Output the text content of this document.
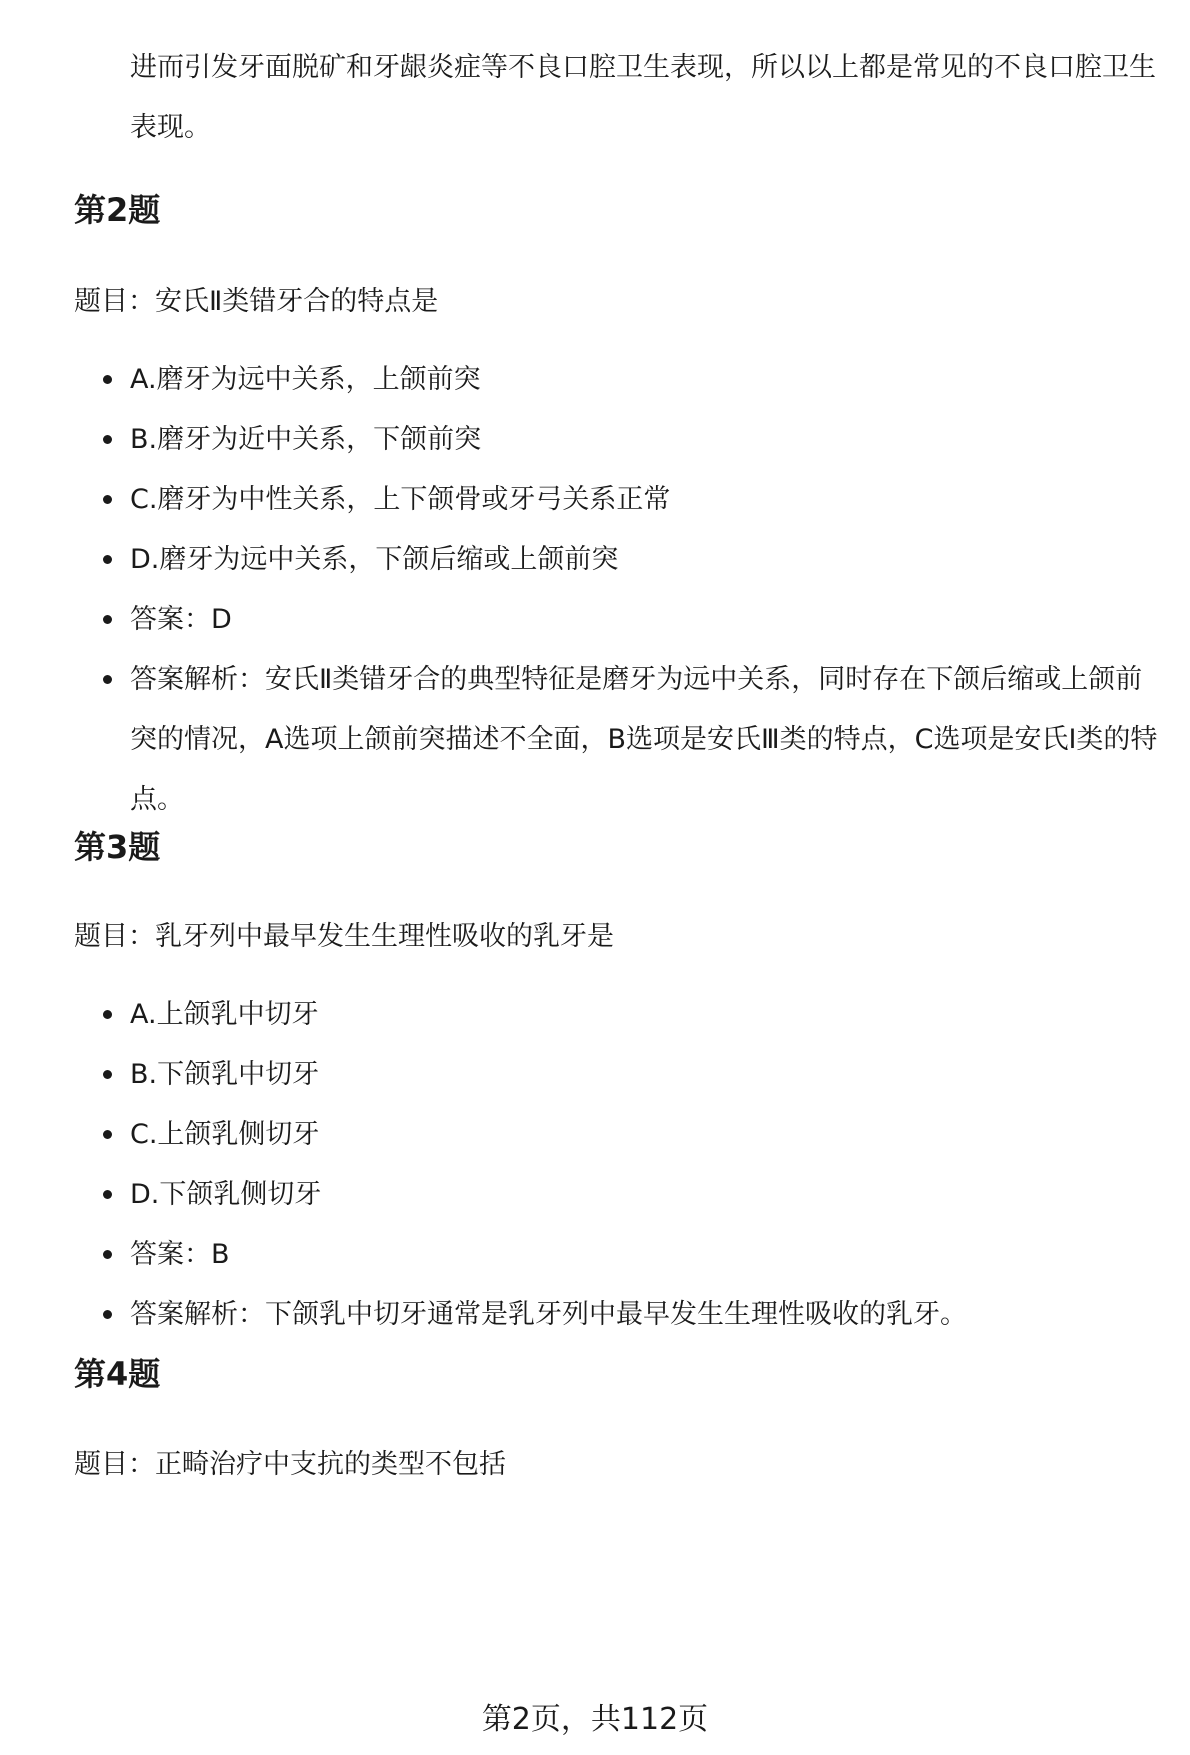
进而引发牙面脱矿和牙龈炎症等不良口腔卫生表现，所以以上都是常见的不良口腔卫生表现。

第2题

题目：安氏Ⅱ类错牙合的特点是

A.磨牙为远中关系，上颌前突
B.磨牙为近中关系，下颌前突
C.磨牙为中性关系，上下颌骨或牙弓关系正常
D.磨牙为远中关系，下颌后缩或上颌前突
答案：D
答案解析：安氏Ⅱ类错牙合的典型特征是磨牙为远中关系，同时存在下颌后缩或上颌前突的情况，A选项上颌前突描述不全面，B选项是安氏Ⅲ类的特点，C选项是安氏Ⅰ类的特点。
第3题

题目：乳牙列中最早发生生理性吸收的乳牙是

A.上颌乳中切牙
B.下颌乳中切牙
C.上颌乳侧切牙
D.下颌乳侧切牙
答案：B
答案解析：下颌乳中切牙通常是乳牙列中最早发生生理性吸收的乳牙。
第4题

题目：正畸治疗中支抗的类型不包括

第2页，共112页
